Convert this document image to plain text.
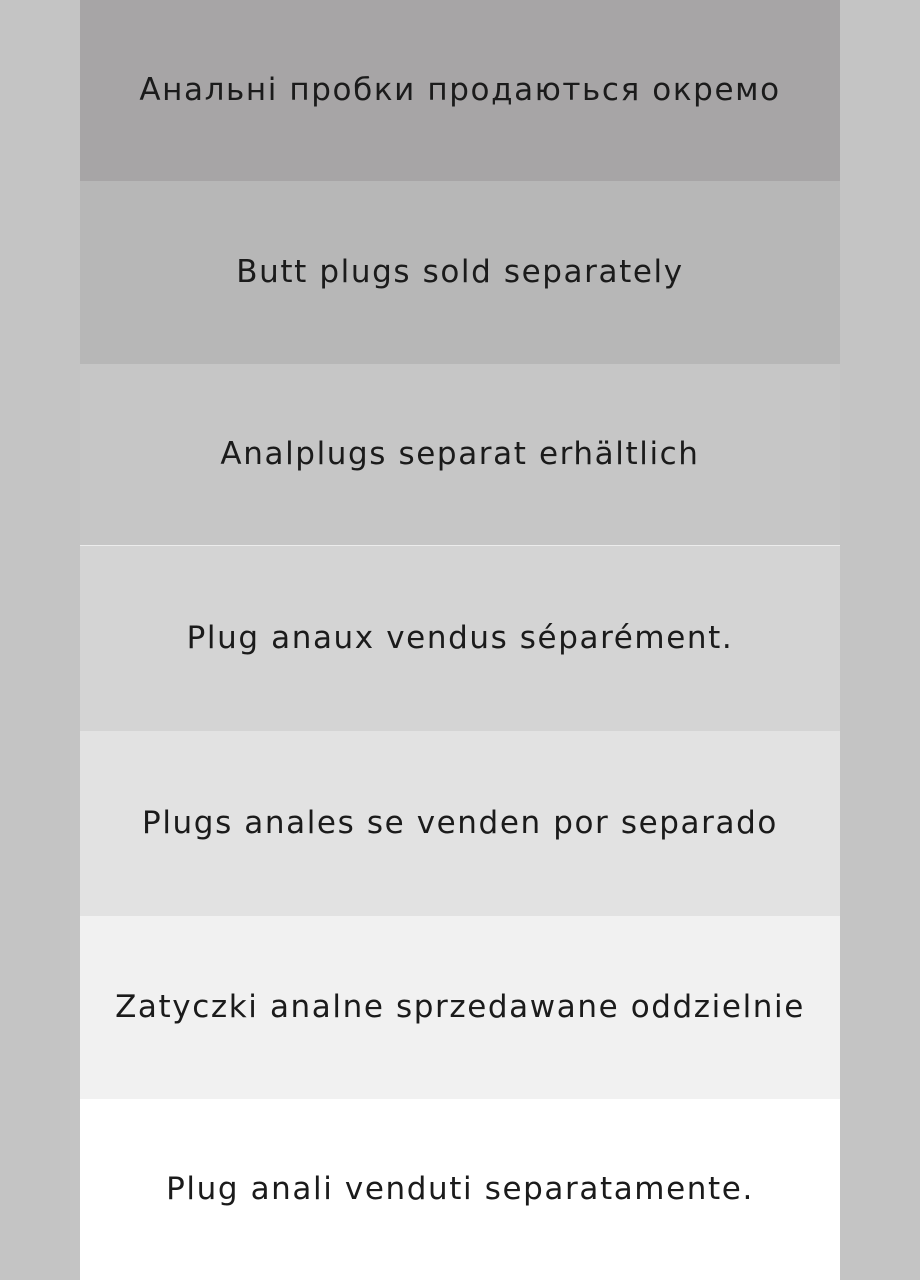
Анальні пробки продаються окремо
Butt plugs sold separately
Analplugs separat erhältlich
Plug anaux vendus séparément.
Plugs anales se venden por separado
Zatyczki analne sprzedawane oddzielnie
Plug anali venduti separatamente.
